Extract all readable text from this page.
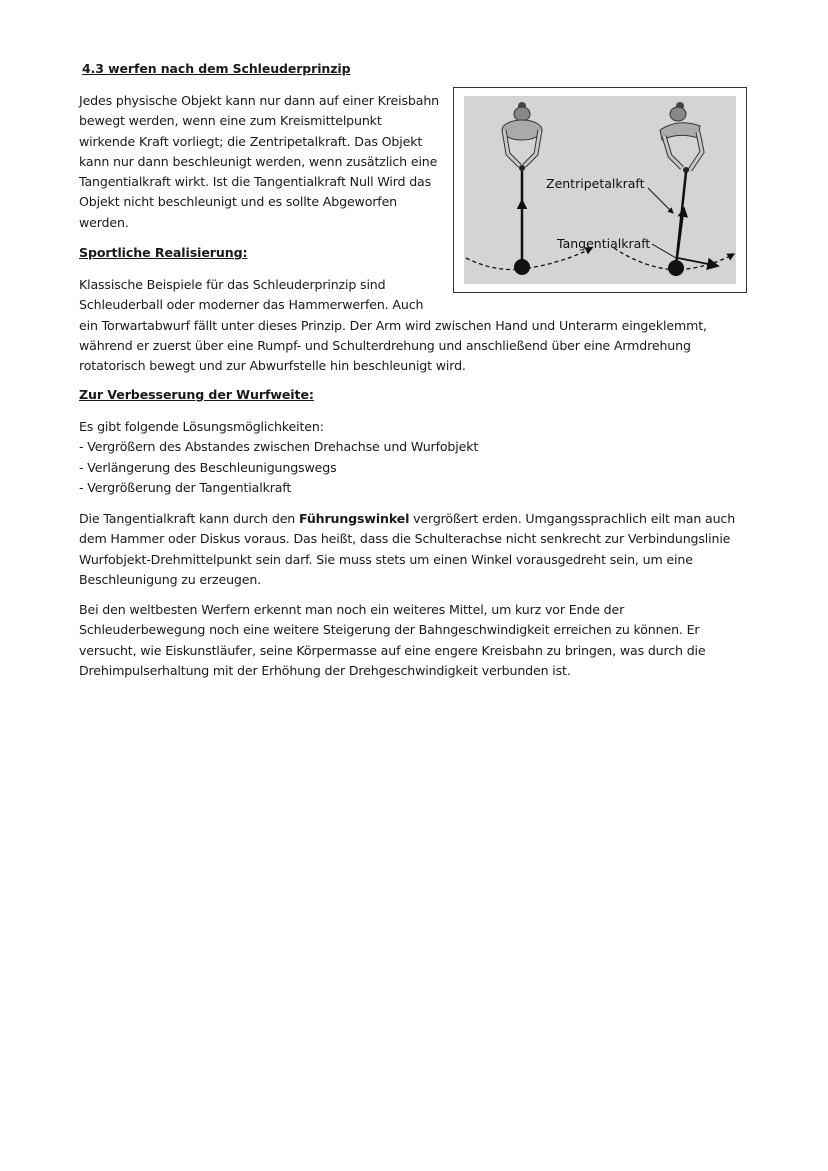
4.3 werfen nach dem Schleuderprinzip
Jedes physische Objekt kann nur dann auf einer Kreisbahn
bewegt werden, wenn eine zum Kreismittelpunkt
wirkende Kraft vorliegt; die Zentripetalkraft. Das Objekt
kann nur dann beschleunigt werden, wenn zusätzlich eine
Tangentialkraft wirkt. Ist die Tangentialkraft Null Wird das
Objekt nicht beschleunigt und es sollte Abgeworfen
werden.
Zentripetalkraft
Tangentialkraft
Sportliche Realisierung:
Klassische Beispiele für das Schleuderprinzip sind
Schleuderball oder moderner das Hammerwerfen. Auch
ein Torwartabwurf fällt unter dieses Prinzip. Der Arm wird zwischen Hand und Unterarm eingeklemmt,
während er zuerst über eine Rumpf- und Schulterdrehung und anschließend über eine Armdrehung
rotatorisch bewegt und zur Abwurfstelle hin beschleunigt wird.
Zur Verbesserung der Wurfweite:
Es gibt folgende Lösungsmöglichkeiten:
- Vergrößern des Abstandes zwischen Drehachse und Wurfobjekt
- Verlängerung des Beschleunigungswegs
- Vergrößerung der Tangentialkraft
Die Tangentialkraft kann durch den Führungswinkel vergrößert erden. Umgangssprachlich eilt man auch
dem Hammer oder Diskus voraus. Das heißt, dass die Schulterachse nicht senkrecht zur Verbindungslinie
Wurfobjekt-Drehmittelpunkt sein darf. Sie muss stets um einen Winkel vorausgedreht sein, um eine
Beschleunigung zu erzeugen.
Bei den weltbesten Werfern erkennt man noch ein weiteres Mittel, um kurz vor Ende der
Schleuderbewegung noch eine weitere Steigerung der Bahngeschwindigkeit erreichen zu können. Er
versucht, wie Eiskunstläufer, seine Körpermasse auf eine engere Kreisbahn zu bringen, was durch die
Drehimpulserhaltung mit der Erhöhung der Drehgeschwindigkeit verbunden ist.
